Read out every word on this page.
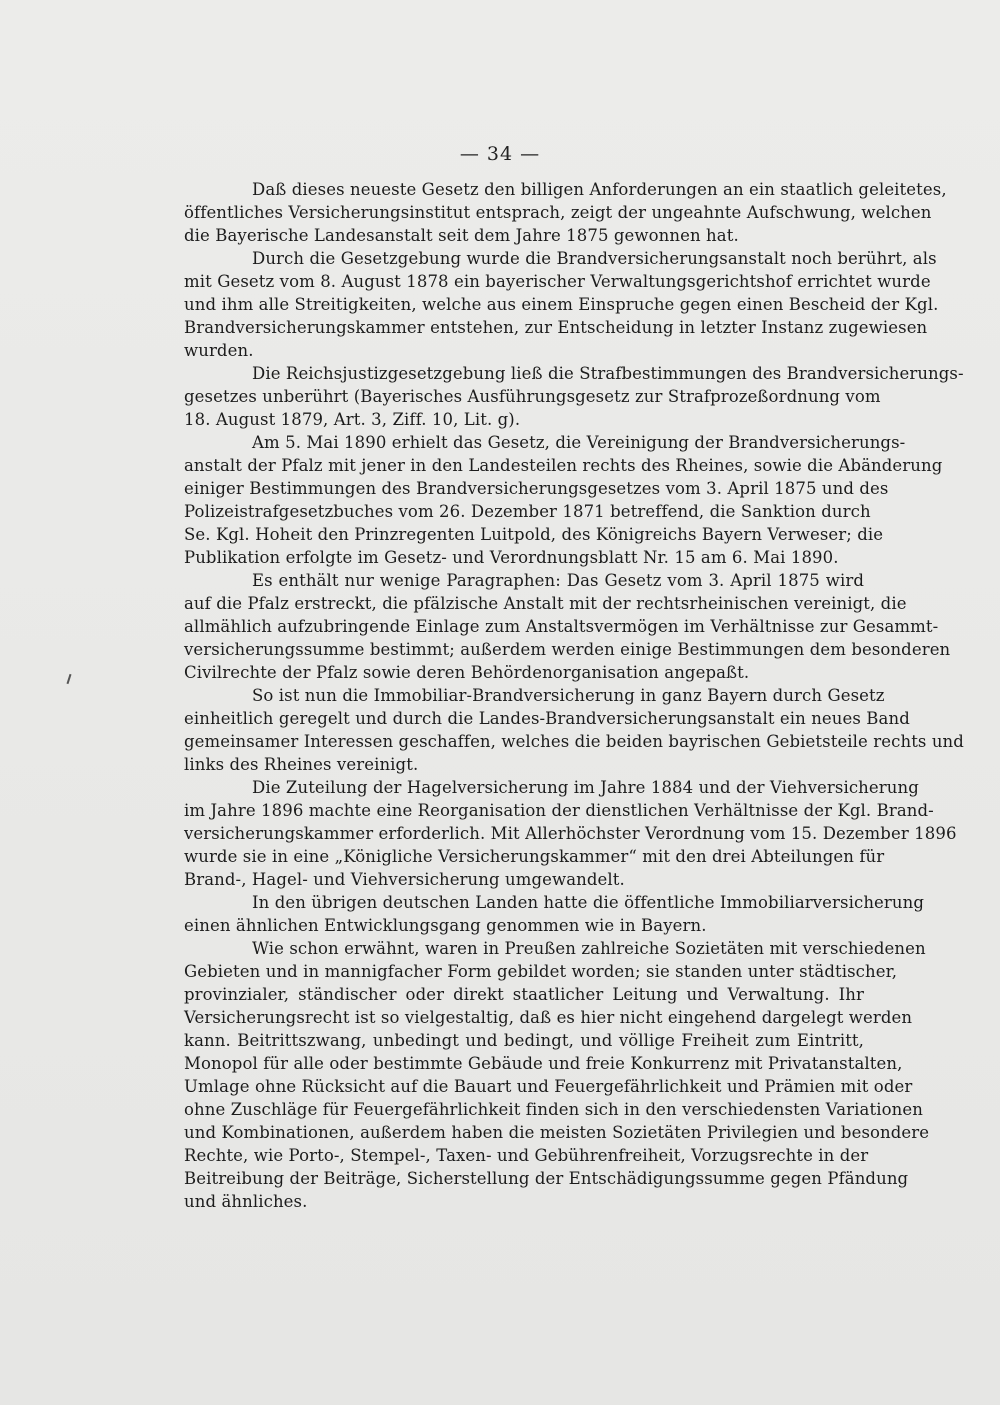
— 34 —
Daß dieses neueste Gesetz den billigen Anforderungen an ein staatlich geleitetes,
öffentliches Versicherungsinstitut entsprach, zeigt der ungeahnte Aufschwung, welchen
die Bayerische Landesanstalt seit dem Jahre 1875 gewonnen hat.
Durch die Gesetzgebung wurde die Brandversicherungsanstalt noch berührt, als
mit Gesetz vom 8. August 1878 ein bayerischer Verwaltungsgerichtshof errichtet wurde
und ihm alle Streitigkeiten, welche aus einem Einspruche gegen einen Bescheid der Kgl.
Brandversicherungskammer entstehen, zur Entscheidung in letzter Instanz zugewiesen
wurden.
Die Reichsjustizgesetzgebung ließ die Strafbestimmungen des Brandversicherungs-
gesetzes unberührt (Bayerisches Ausführungsgesetz zur Strafprozeßordnung vom
18. August 1879, Art. 3, Ziff. 10, Lit. g).
Am 5. Mai 1890 erhielt das Gesetz, die Vereinigung der Brandversicherungs-
anstalt der Pfalz mit jener in den Landesteilen rechts des Rheines, sowie die Abänderung
einiger Bestimmungen des Brandversicherungsgesetzes vom 3. April 1875 und des
Polizeistrafgesetzbuches vom 26. Dezember 1871 betreffend, die Sanktion durch
Se. Kgl. Hoheit den Prinzregenten Luitpold, des Königreichs Bayern Verweser; die
Publikation erfolgte im Gesetz- und Verordnungsblatt Nr. 15 am 6. Mai 1890.
Es enthält nur wenige Paragraphen: Das Gesetz vom 3. April 1875 wird
auf die Pfalz erstreckt, die pfälzische Anstalt mit der rechtsrheinischen vereinigt, die
allmählich aufzubringende Einlage zum Anstaltsvermögen im Verhältnisse zur Gesammt-
versicherungssumme bestimmt; außerdem werden einige Bestimmungen dem besonderen
Civilrechte der Pfalz sowie deren Behördenorganisation angepaßt.
So ist nun die Immobiliar-Brandversicherung in ganz Bayern durch Gesetz
einheitlich geregelt und durch die Landes-Brandversicherungsanstalt ein neues Band
gemeinsamer Interessen geschaffen, welches die beiden bayrischen Gebietsteile rechts und
links des Rheines vereinigt.
Die Zuteilung der Hagelversicherung im Jahre 1884 und der Viehversicherung
im Jahre 1896 machte eine Reorganisation der dienstlichen Verhältnisse der Kgl. Brand-
versicherungskammer erforderlich. Mit Allerhöchster Verordnung vom 15. Dezember 1896
wurde sie in eine „Königliche Versicherungskammer“ mit den drei Abteilungen für
Brand-, Hagel- und Viehversicherung umgewandelt.
In den übrigen deutschen Landen hatte die öffentliche Immobiliarversicherung
einen ähnlichen Entwicklungsgang genommen wie in Bayern.
Wie schon erwähnt, waren in Preußen zahlreiche Sozietäten mit verschiedenen
Gebieten und in mannigfacher Form gebildet worden; sie standen unter städtischer,
provinzialer, ständischer oder direkt staatlicher Leitung und Verwaltung. Ihr
Versicherungsrecht ist so vielgestaltig, daß es hier nicht eingehend dargelegt werden
kann. Beitrittszwang, unbedingt und bedingt, und völlige Freiheit zum Eintritt,
Monopol für alle oder bestimmte Gebäude und freie Konkurrenz mit Privatanstalten,
Umlage ohne Rücksicht auf die Bauart und Feuergefährlichkeit und Prämien mit oder
ohne Zuschläge für Feuergefährlichkeit finden sich in den verschiedensten Variationen
und Kombinationen, außerdem haben die meisten Sozietäten Privilegien und besondere
Rechte, wie Porto-, Stempel-, Taxen- und Gebührenfreiheit, Vorzugsrechte in der
Beitreibung der Beiträge, Sicherstellung der Entschädigungssumme gegen Pfändung
und ähnliches.
